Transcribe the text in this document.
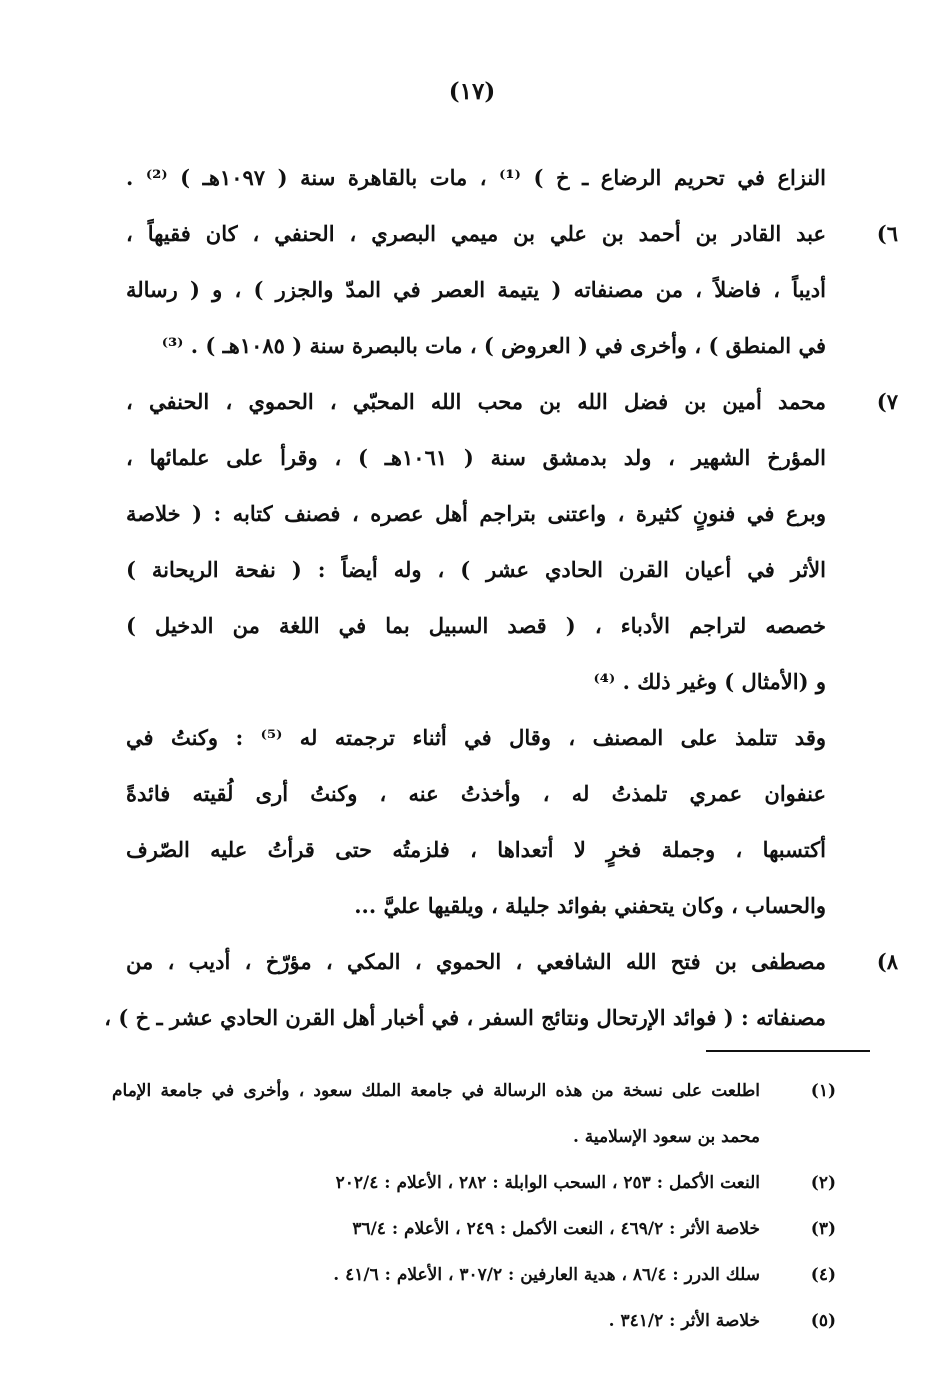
(١٧)
النزاع في تحريم الرضاع ـ خ ) ⁽¹⁾ ، مات بالقاهرة سنة ( ١٠٩٧هـ ) ⁽²⁾ .
٦)
عبد القادر بن أحمد بن علي بن ميمي البصري ، الحنفي ، كان فقيهاً ،
أديباً ، فاضلاً ، من مصنفاته ( يتيمة العصر في المدّ والجزر ) ، و ( رسالة
في المنطق ) ، وأخرى في ( العروض ) ، مات بالبصرة سنة ( ١٠٨٥هـ ) . ⁽³⁾
٧)
محمد أمين بن فضل الله بن محب الله المحبّي ، الحموي ، الحنفي ،
المؤرخ الشهير ، ولد بدمشق سنة ( ١٠٦١هـ ) ، وقرأ على علمائها ،
وبرع في فنونٍ كثيرة ، واعتنى بتراجم أهل عصره ، فصنف كتابه : ( خلاصة
الأثر في أعيان القرن الحادي عشر ) ، وله أيضاً : ( نفحة الريحانة )
خصصه لتراجم الأدباء ، ( قصد السبيل بما في اللغة من الدخيل )
و (الأمثال ) وغير ذلك . ⁽⁴⁾
وقد تتلمذ على المصنف ، وقال في أثناء ترجمته له ⁽⁵⁾ : وكنتُ في
عنفوان عمري تلمذتُ له ، وأخذتُ عنه ، وكنتُ أرى لُقيته فائدةً
أكتسبها ، وجملة فخرٍ لا أتعداها ، فلزمتُه حتى قرأتُ عليه الصّرف
والحساب ، وكان يتحفني بفوائد جليلة ، ويلقيها عليَّ ...
٨)
مصطفى بن فتح الله الشافعي ، الحموي ، المكي ، مؤرّخ ، أديب ، من
مصنفاته : ( فوائد الإرتحال ونتائج السفر ، في أخبار أهل القرن الحادي عشر ـ خ ) ،
(١)
اطلعت على نسخة من هذه الرسالة في جامعة الملك سعود ، وأخرى في جامعة الإمام
محمد بن سعود الإسلامية .
(٢)
النعت الأكمل : ٢٥٣ ، السحب الوابلة : ٢٨٢ ، الأعلام : ٢٠٢/٤
(٣)
خلاصة الأثر : ٤٦٩/٢ ، النعت الأكمل : ٢٤٩ ، الأعلام : ٣٦/٤
(٤)
سلك الدرر : ٨٦/٤ ، هدية العارفين : ٣٠٧/٢ ، الأعلام : ٤١/٦ .
(٥)
خلاصة الأثر : ٣٤١/٢ .
